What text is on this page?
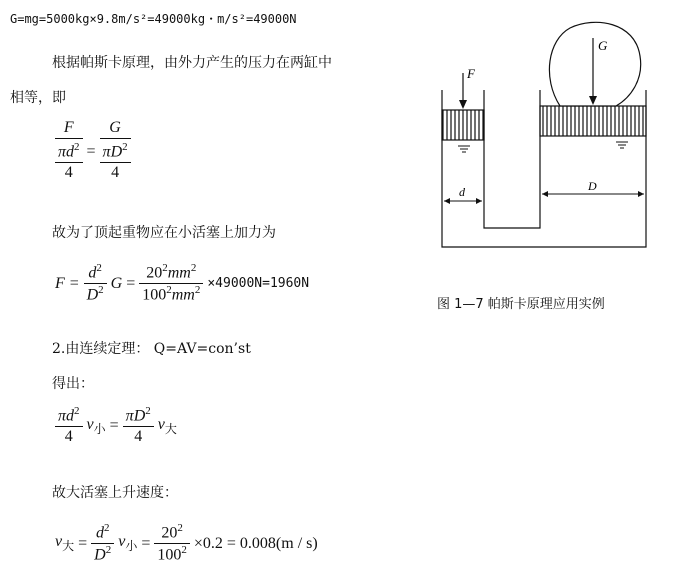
G=mg=5000kg×9.8m/s²=49000kg・m/s²=49000N
根据帕斯卡原理，由外力产生的压力在两缸中
相等，即
$\frac{F}{\frac{\pi d^2}{4}} = \frac{G}{\frac{\pi D^2}{4}}$
故为了顶起重物应在小活塞上加力为
$F = \frac{d^2}{D^2}$ $G = \frac{20^2mm^2}{100^2mm^2} \times 49000N=1960N$
2.由连续定理： Q=AV=con’st
得出：
$\frac{\pi d^2}{4} v_小 = \frac{\pi D^2}{4} v_大$
故大活塞上升速度：
$v_大 = \frac{d^2}{D^2} v_小 = \frac{20^2}{100^2} \times 0.2 = 0.008(m / s)$
F
G
d	D
图 1—7 帕斯卡原理应用实例
